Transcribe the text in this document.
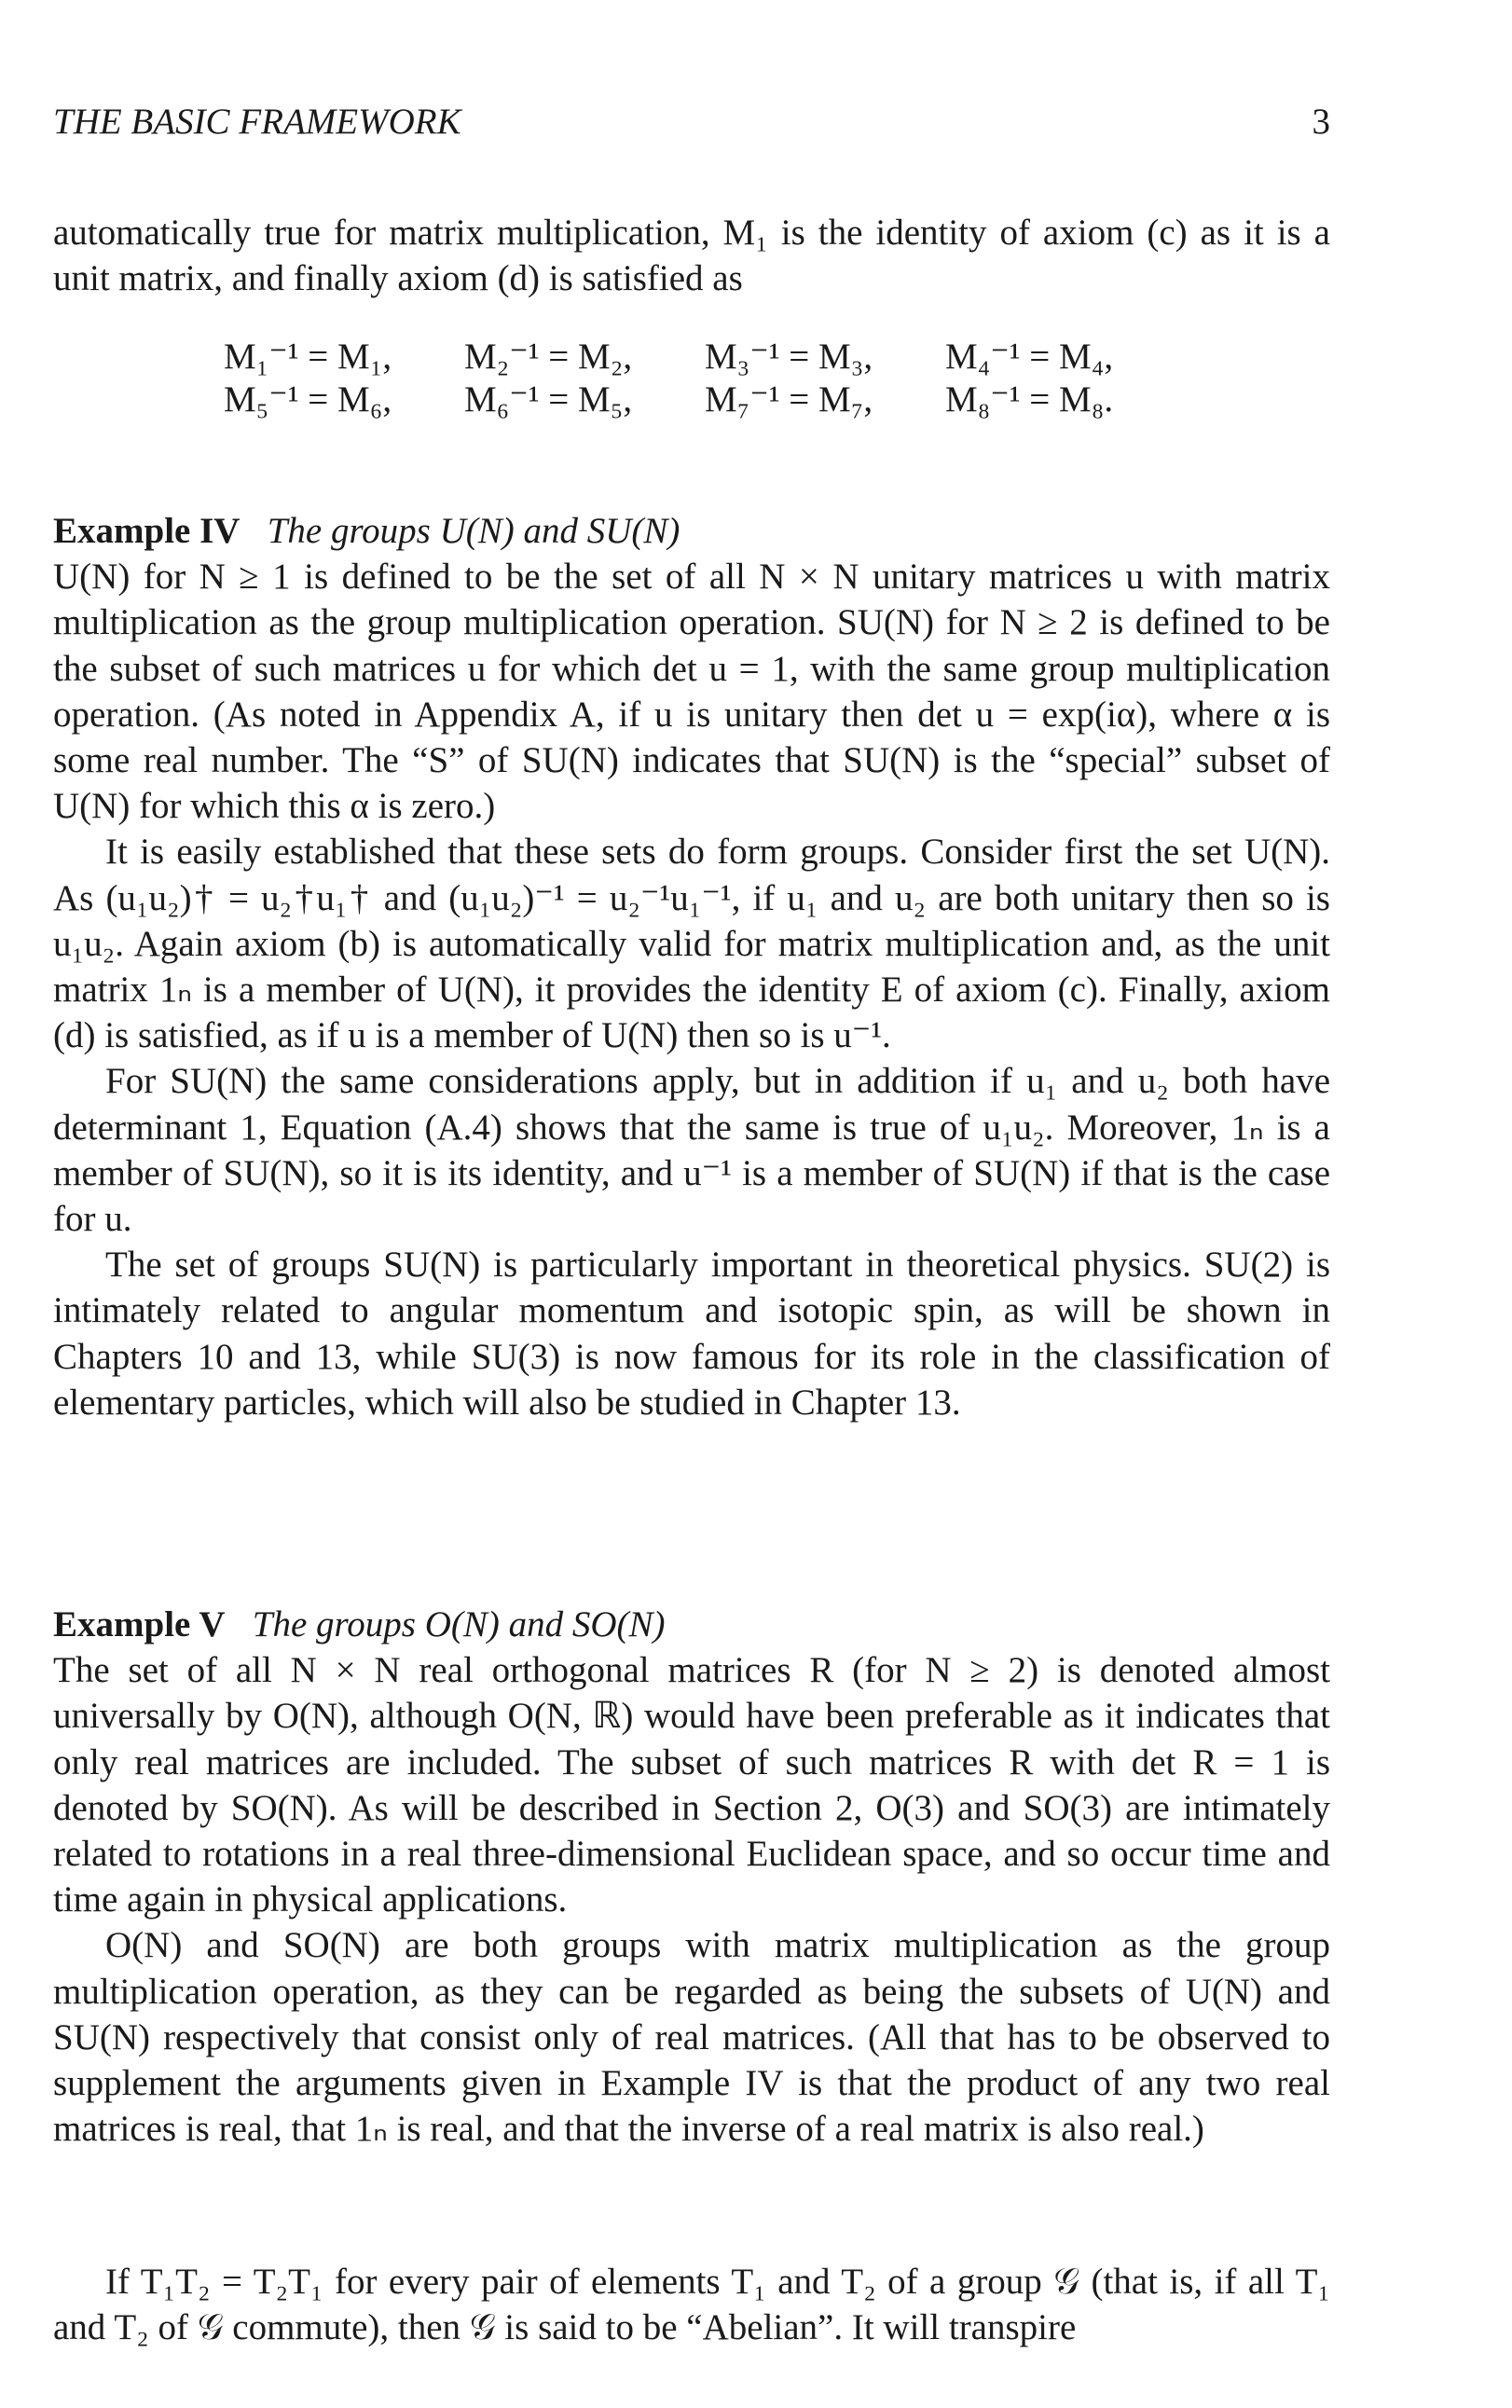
THE BASIC FRAMEWORK	3

automatically true for matrix multiplication, M₁ is the identity of axiom (c) as it is a unit matrix, and finally axiom (d) is satisfied as

M₁⁻¹ = M₁, M₂⁻¹ = M₂, M₃⁻¹ = M₃, M₄⁻¹ = M₄,
M₅⁻¹ = M₆, M₆⁻¹ = M₅, M₇⁻¹ = M₇, M₈⁻¹ = M₈.

Example IV The groups U(N) and SU(N)

U(N) for N ≥ 1 is defined to be the set of all N × N unitary matrices u with matrix multiplication as the group multiplication operation. SU(N) for N ≥ 2 is defined to be the subset of such matrices u for which det u = 1, with the same group multiplication operation. (As noted in Appendix A, if u is unitary then det u = exp(iα), where α is some real number. The “S” of SU(N) indicates that SU(N) is the “special” subset of U(N) for which this α is zero.)

It is easily established that these sets do form groups. Consider first the set U(N). As (u₁u₂)† = u₂†u₁† and (u₁u₂)⁻¹ = u₂⁻¹u₁⁻¹, if u₁ and u₂ are both unitary then so is u₁u₂. Again axiom (b) is automatically valid for matrix multiplication and, as the unit matrix 1ₙ is a member of U(N), it provides the identity E of axiom (c). Finally, axiom (d) is satisfied, as if u is a member of U(N) then so is u⁻¹.

For SU(N) the same considerations apply, but in addition if u₁ and u₂ both have determinant 1, Equation (A.4) shows that the same is true of u₁u₂. Moreover, 1ₙ is a member of SU(N), so it is its identity, and u⁻¹ is a member of SU(N) if that is the case for u.

The set of groups SU(N) is particularly important in theoretical physics. SU(2) is intimately related to angular momentum and isotopic spin, as will be shown in Chapters 10 and 13, while SU(3) is now famous for its role in the classification of elementary particles, which will also be studied in Chapter 13.

Example V The groups O(N) and SO(N)

The set of all N × N real orthogonal matrices R (for N ≥ 2) is denoted almost universally by O(N), although O(N, ℝ) would have been preferable as it indicates that only real matrices are included. The subset of such matrices R with det R = 1 is denoted by SO(N). As will be described in Section 2, O(3) and SO(3) are intimately related to rotations in a real three-dimensional Euclidean space, and so occur time and time again in physical applications.

O(N) and SO(N) are both groups with matrix multiplication as the group multiplication operation, as they can be regarded as being the subsets of U(N) and SU(N) respectively that consist only of real matrices. (All that has to be observed to supplement the arguments given in Example IV is that the product of any two real matrices is real, that 1ₙ is real, and that the inverse of a real matrix is also real.)

If T₁T₂ = T₂T₁ for every pair of elements T₁ and T₂ of a group 𝒢 (that is, if all T₁ and T₂ of 𝒢 commute), then 𝒢 is said to be “Abelian”. It will transpire
